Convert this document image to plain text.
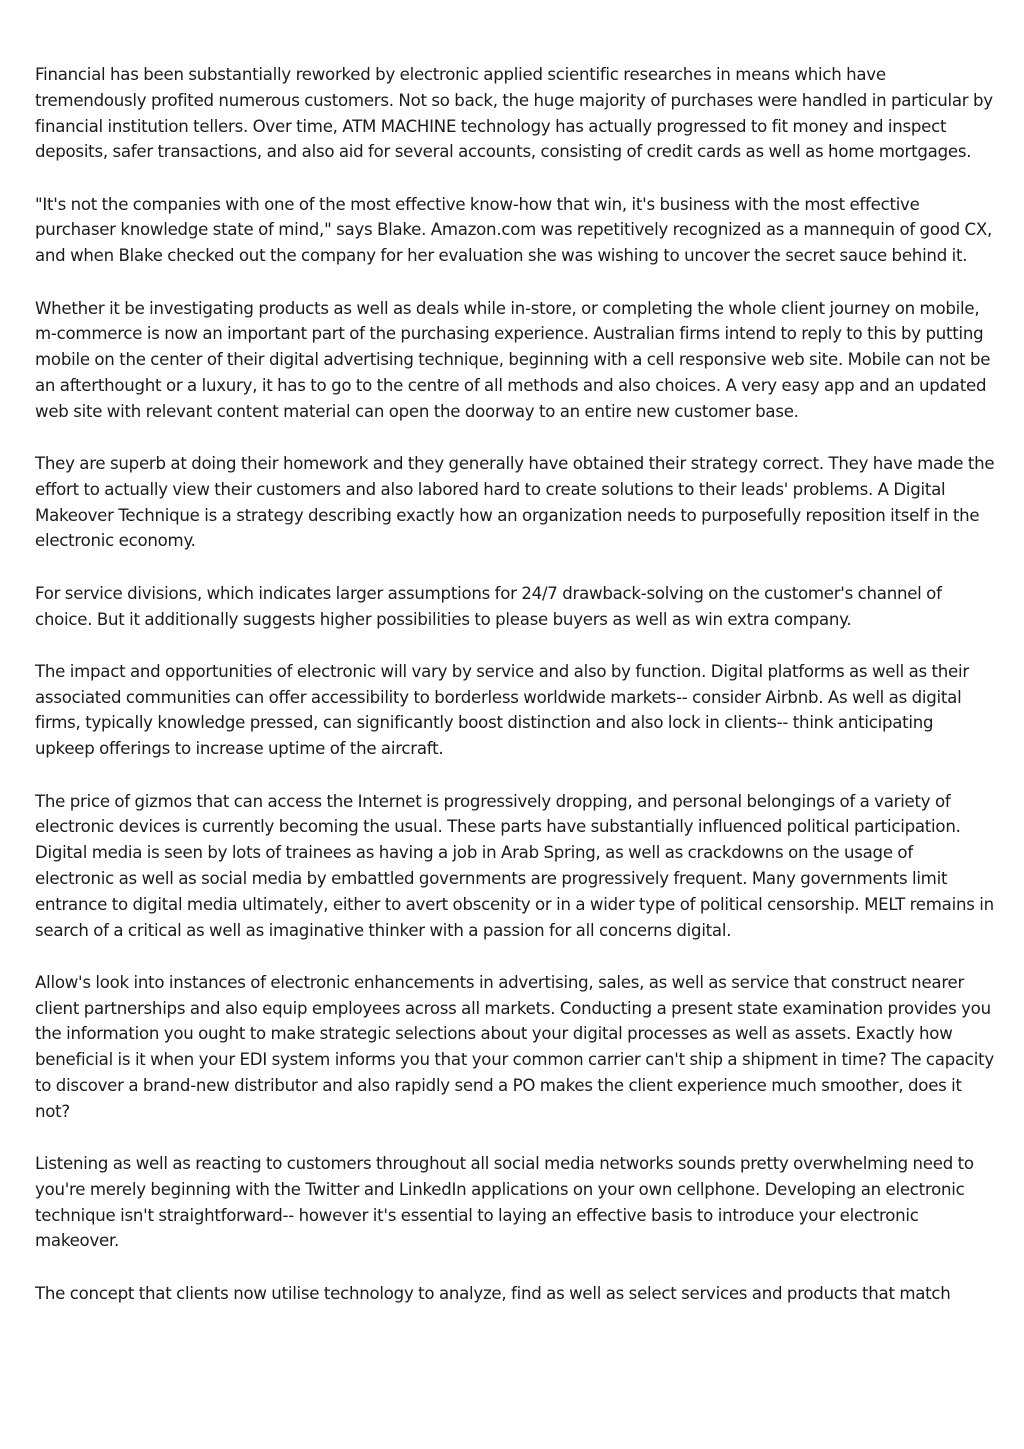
Financial has been substantially reworked by electronic applied scientific researches in means which have tremendously profited numerous customers. Not so back, the huge majority of purchases were handled in particular by financial institution tellers. Over time, ATM MACHINE technology has actually progressed to fit money and inspect deposits, safer transactions, and also aid for several accounts, consisting of credit cards as well as home mortgages.

"It's not the companies with one of the most effective know-how that win, it's business with the most effective purchaser knowledge state of mind," says Blake. Amazon.com was repetitively recognized as a mannequin of good CX, and when Blake checked out the company for her evaluation she was wishing to uncover the secret sauce behind it.

Whether it be investigating products as well as deals while in-store, or completing the whole client journey on mobile, m-commerce is now an important part of the purchasing experience. Australian firms intend to reply to this by putting mobile on the center of their digital advertising technique, beginning with a cell responsive web site. Mobile can not be an afterthought or a luxury, it has to go to the centre of all methods and also choices. A very easy app and an updated web site with relevant content material can open the doorway to an entire new customer base.

They are superb at doing their homework and they generally have obtained their strategy correct. They have made the effort to actually view their customers and also labored hard to create solutions to their leads' problems. A Digital Makeover Technique is a strategy describing exactly how an organization needs to purposefully reposition itself in the electronic economy.

For service divisions, which indicates larger assumptions for 24/7 drawback-solving on the customer's channel of choice. But it additionally suggests higher possibilities to please buyers as well as win extra company.

The impact and opportunities of electronic will vary by service and also by function. Digital platforms as well as their associated communities can offer accessibility to borderless worldwide markets-- consider Airbnb. As well as digital firms, typically knowledge pressed, can significantly boost distinction and also lock in clients-- think anticipating upkeep offerings to increase uptime of the aircraft.

The price of gizmos that can access the Internet is progressively dropping, and personal belongings of a variety of electronic devices is currently becoming the usual. These parts have substantially influenced political participation. Digital media is seen by lots of trainees as having a job in Arab Spring, as well as crackdowns on the usage of electronic as well as social media by embattled governments are progressively frequent. Many governments limit entrance to digital media ultimately, either to avert obscenity or in a wider type of political censorship. MELT remains in search of a critical as well as imaginative thinker with a passion for all concerns digital.

Allow's look into instances of electronic enhancements in advertising, sales, as well as service that construct nearer client partnerships and also equip employees across all markets. Conducting a present state examination provides you the information you ought to make strategic selections about your digital processes as well as assets. Exactly how beneficial is it when your EDI system informs you that your common carrier can't ship a shipment in time? The capacity to discover a brand-new distributor and also rapidly send a PO makes the client experience much smoother, does it not?

Listening as well as reacting to customers throughout all social media networks sounds pretty overwhelming need to you're merely beginning with the Twitter and LinkedIn applications on your own cellphone. Developing an electronic technique isn't straightforward-- however it's essential to laying an effective basis to introduce your electronic makeover.

The concept that clients now utilise technology to analyze, find as well as select services and products that match
